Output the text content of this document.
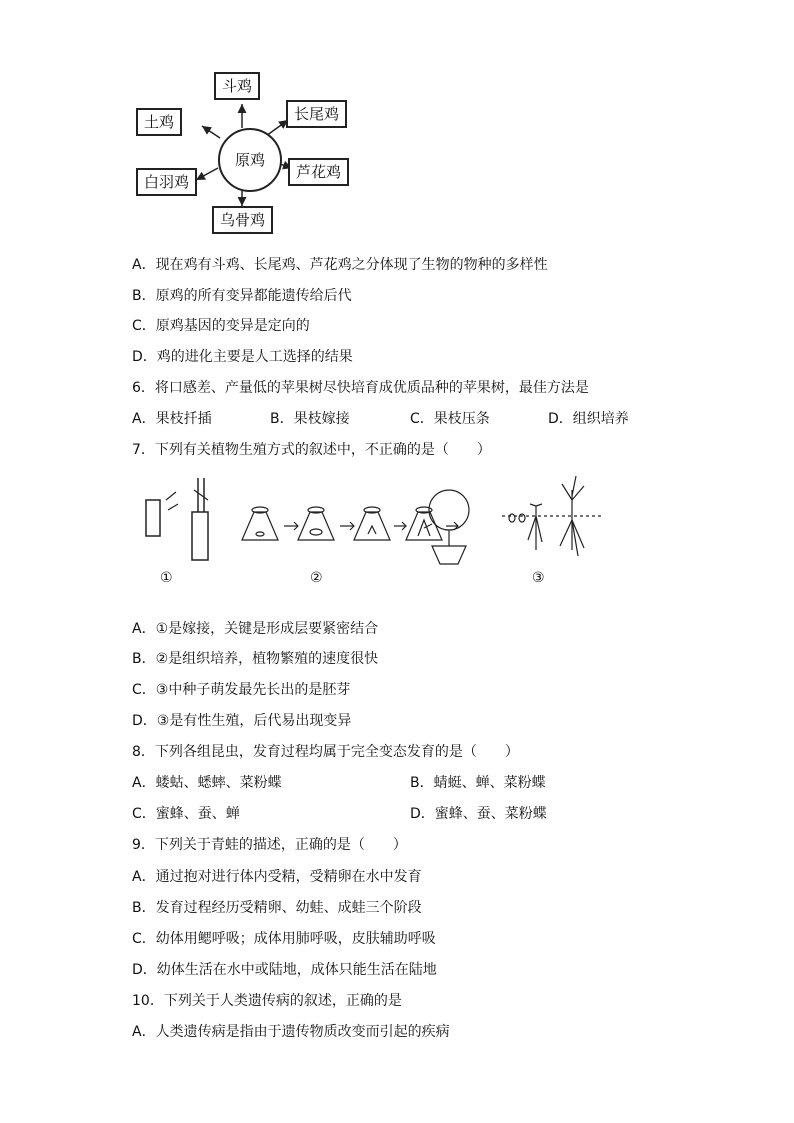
原鸡
斗鸡
长尾鸡
芦花鸡
乌骨鸡
白羽鸡
土鸡
A．现在鸡有斗鸡、长尾鸡、芦花鸡之分体现了生物的物种的多样性
B．原鸡的所有变异都能遗传给后代
C．原鸡基因的变异是定向的
D．鸡的进化主要是人工选择的结果
6．将口感差、产量低的苹果树尽快培育成优质品种的苹果树，最佳方法是
A．果枝扦插	B．果枝嫁接	C．果枝压条	D．组织培养
7．下列有关植物生殖方式的叙述中，不正确的是（　　）
①	②	③
A．①是嫁接，关键是形成层要紧密结合
B．②是组织培养，植物繁殖的速度很快
C．③中种子萌发最先长出的是胚芽
D．③是有性生殖，后代易出现变异
8．下列各组昆虫，发育过程均属于完全变态发育的是（　　）
A．蝼蛄、蟋蟀、菜粉蝶	B．蜻蜓、蝉、菜粉蝶
C．蜜蜂、蚕、蝉	D．蜜蜂、蚕、菜粉蝶
9．下列关于青蛙的描述，正确的是（　　）
A．通过抱对进行体内受精，受精卵在水中发育
B．发育过程经历受精卵、幼蛙、成蛙三个阶段
C．幼体用鳃呼吸；成体用肺呼吸，皮肤辅助呼吸
D．幼体生活在水中或陆地，成体只能生活在陆地
10．下列关于人类遗传病的叙述，正确的是
A．人类遗传病是指由于遗传物质改变而引起的疾病
